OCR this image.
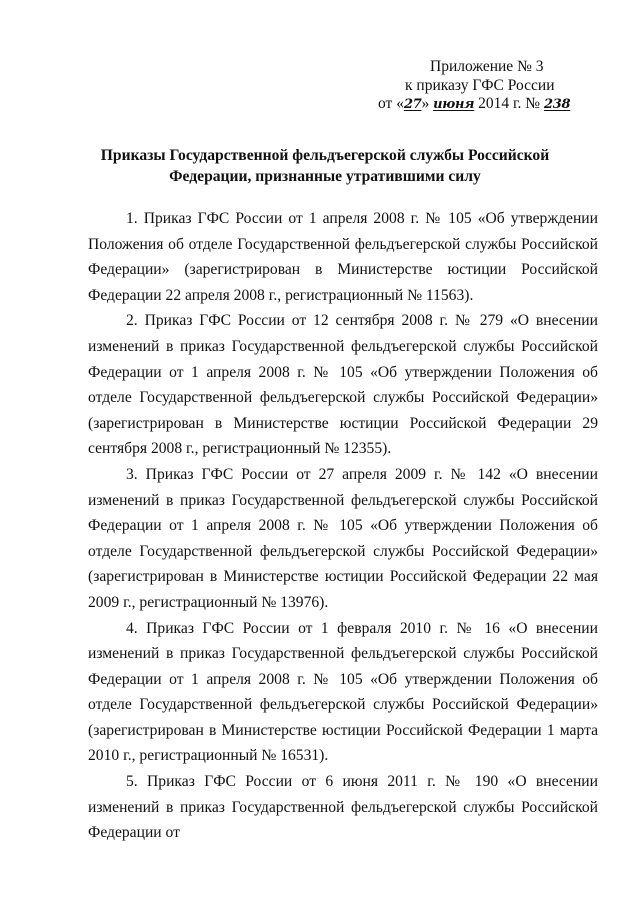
Приложение № 3
к приказу ГФС России
от «27» июня 2014 г. № 238
Приказы Государственной фельдъегерской службы Российской
Федерации, признанные утратившими силу

1. Приказ ГФС России от 1 апреля 2008 г. № 105 «Об утверждении Положения об отделе Государственной фельдъегерской службы Российской Федерации» (зарегистрирован в Министерстве юстиции Российской Федерации 22 апреля 2008 г., регистрационный № 11563).

2. Приказ ГФС России от 12 сентября 2008 г. № 279 «О внесении изменений в приказ Государственной фельдъегерской службы Российской Федерации от 1 апреля 2008 г. № 105 «Об утверждении Положения об отделе Государственной фельдъегерской службы Российской Федерации» (зарегистрирован в Министерстве юстиции Российской Федерации 29 сентября 2008 г., регистрационный № 12355).

3. Приказ ГФС России от 27 апреля 2009 г. № 142 «О внесении изменений в приказ Государственной фельдъегерской службы Российской Федерации от 1 апреля 2008 г. № 105 «Об утверждении Положения об отделе Государственной фельдъегерской службы Российской Федерации» (зарегистрирован в Министерстве юстиции Российской Федерации 22 мая 2009 г., регистрационный № 13976).

4. Приказ ГФС России от 1 февраля 2010 г. № 16 «О внесении изменений в приказ Государственной фельдъегерской службы Российской Федерации от 1 апреля 2008 г. № 105 «Об утверждении Положения об отделе Государственной фельдъегерской службы Российской Федерации» (зарегистрирован в Министерстве юстиции Российской Федерации 1 марта 2010 г., регистрационный № 16531).

5. Приказ ГФС России от 6 июня 2011 г. № 190 «О внесении изменений в приказ Государственной фельдъегерской службы Российской Федерации от
